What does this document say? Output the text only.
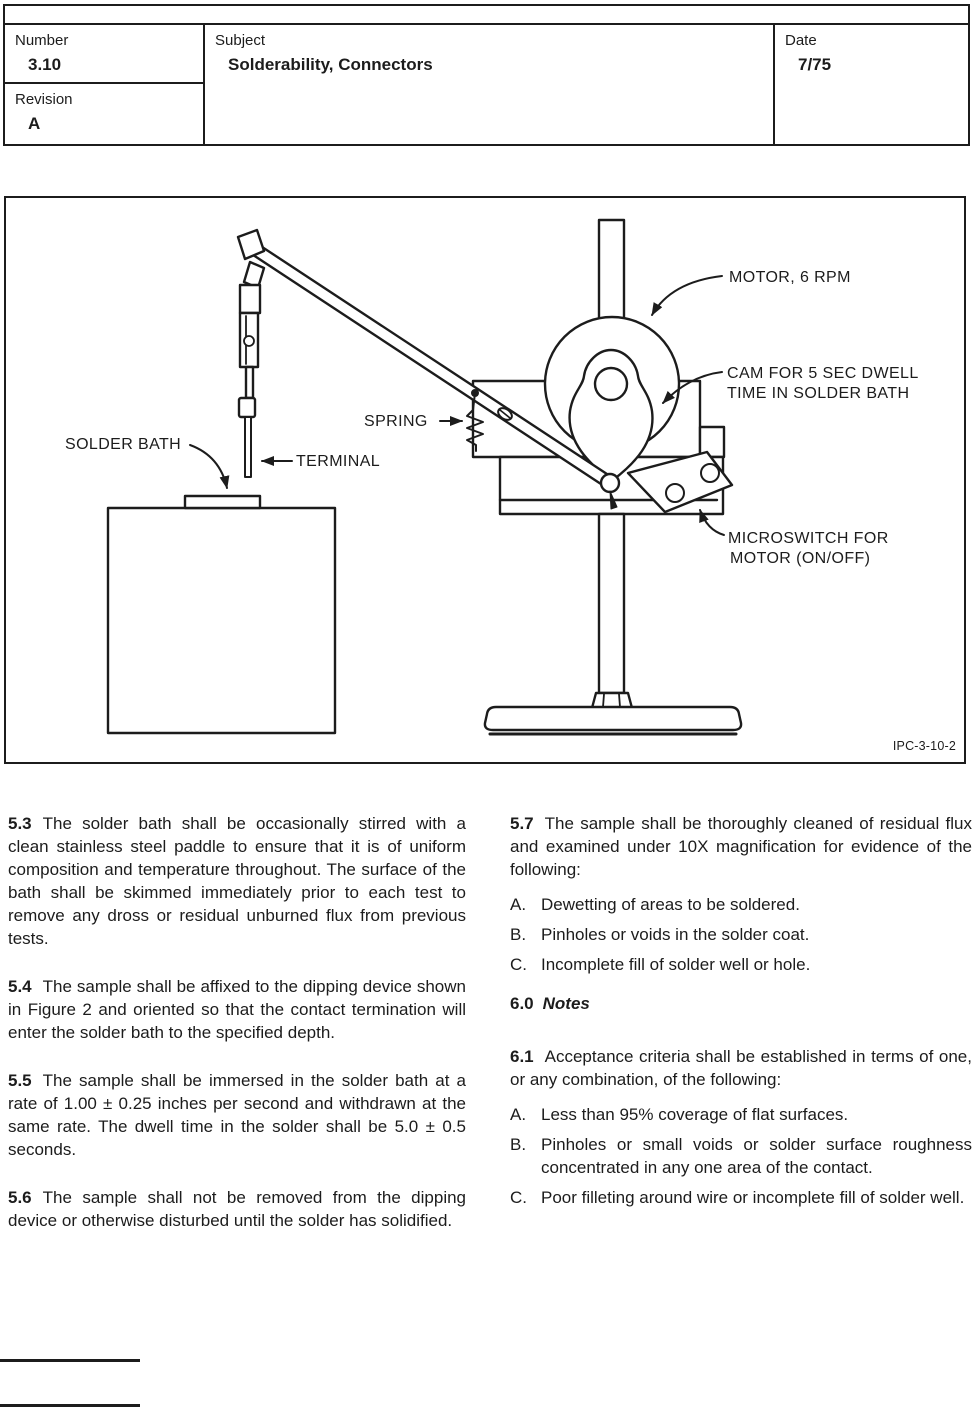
Number
3.10
Revision
A
Subject
Solderability, Connectors
Date
7/75
MOTOR, 6 RPM
CAM FOR 5 SEC DWELL
TIME IN SOLDER BATH
SPRING
SOLDER BATH
TERMINAL
MICROSWITCH FOR
MOTOR (ON/OFF)
IPC-3-10-2

5.3 The solder bath shall be occasionally stirred with a clean stainless steel paddle to ensure that it is of uniform composition and temperature throughout. The surface of the bath shall be skimmed immediately prior to each test to remove any dross or residual unburned flux from previous tests.

5.4 The sample shall be affixed to the dipping device shown in Figure 2 and oriented so that the contact termination will enter the solder bath to the specified depth.

5.5 The sample shall be immersed in the solder bath at a rate of 1.00 ± 0.25 inches per second and withdrawn at the same rate. The dwell time in the solder shall be 5.0 ± 0.5 seconds.

5.6 The sample shall not be removed from the dipping device or otherwise disturbed until the solder has solidified.

5.7 The sample shall be thoroughly cleaned of residual flux and examined under 10X magnification for evidence of the following:

A. Dewetting of areas to be soldered.
B. Pinholes or voids in the solder coat.
C. Incomplete fill of solder well or hole.
6.0 Notes

6.1 Acceptance criteria shall be established in terms of one, or any combination, of the following:

A. Less than 95% coverage of flat surfaces.
B. Pinholes or small voids or solder surface roughness concentrated in any one area of the contact.
C. Poor filleting around wire or incomplete fill of solder well.
